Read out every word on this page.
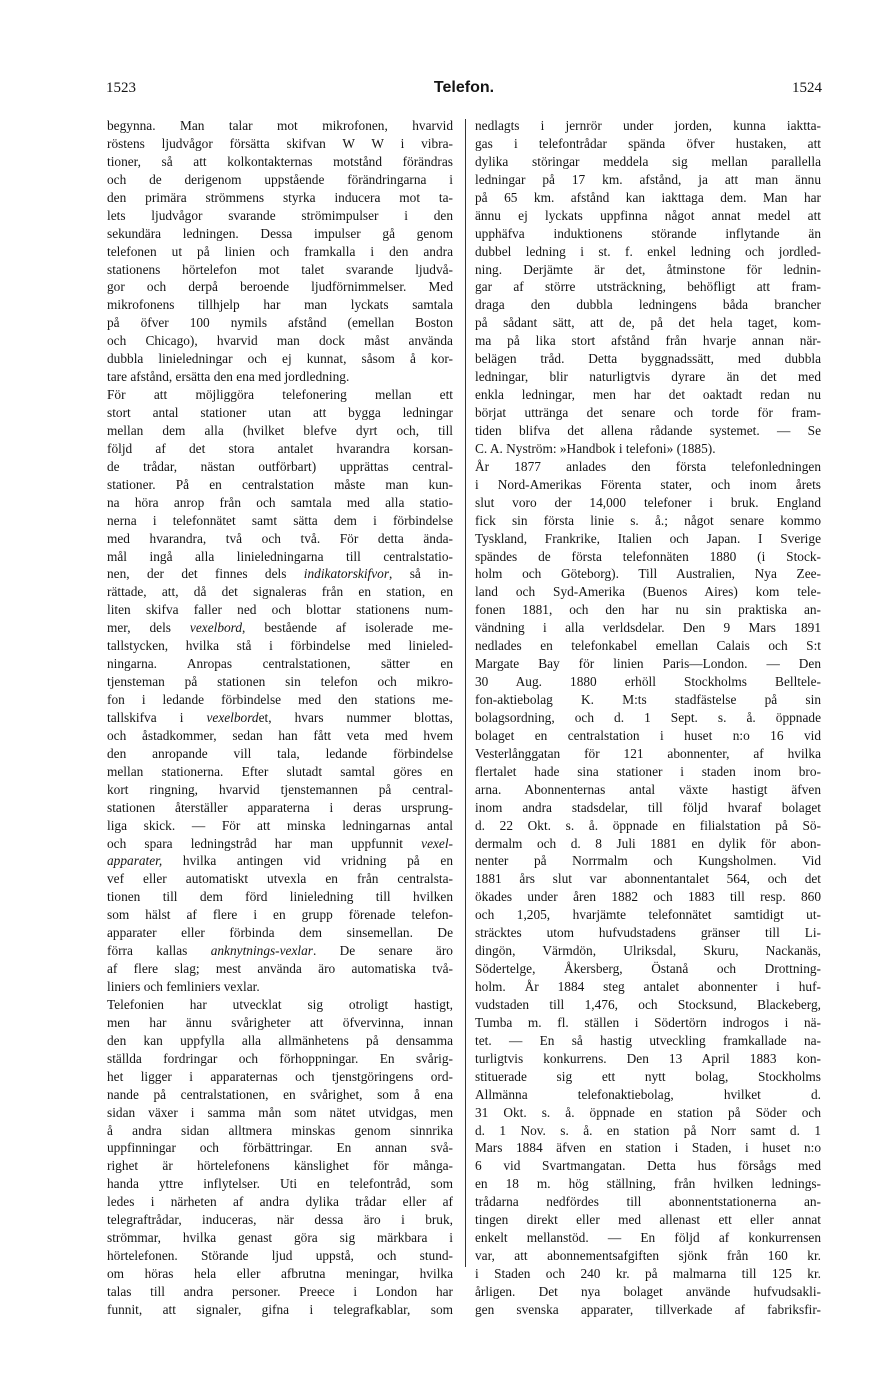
1523	Telefon.	1524
begynna. Man talar mot mikrofonen, hvarvid
röstens ljudvågor försätta skifvan W W i vibra-
tioner, så att kolkontakternas motstånd förändras
och de derigenom uppstående förändringarna i
den primära strömmens styrka inducera mot ta-
lets ljudvågor svarande strömimpulser i den
sekundära ledningen. Dessa impulser gå genom
telefonen ut på linien och framkalla i den andra
stationens hörtelefon mot talet svarande ljudvå-
gor och derpå beroende ljudförnimmelser. Med
mikrofonens tillhjelp har man lyckats samtala
på öfver 100 nymils afstånd (emellan Boston
och Chicago), hvarvid man dock måst använda
dubbla linieledningar och ej kunnat, såsom å kor-
tare afstånd, ersätta den ena med jordledning.
För att möjliggöra telefonering mellan ett
stort antal stationer utan att bygga ledningar
mellan dem alla (hvilket blefve dyrt och, till
följd af det stora antalet hvarandra korsan-
de trådar, nästan outförbart) upprättas central-
stationer. På en centralstation måste man kun-
na höra anrop från och samtala med alla statio-
nerna i telefonnätet samt sätta dem i förbindelse
med hvarandra, två och två. För detta ända-
mål ingå alla linieledningarna till centralstatio-
nen, der det finnes dels indikatorskifvor, så in-
rättade, att, då det signaleras från en station, en
liten skifva faller ned och blottar stationens num-
mer, dels vexelbord, bestående af isolerade me-
tallstycken, hvilka stå i förbindelse med linieled-
ningarna. Anropas centralstationen, sätter en
tjensteman på stationen sin telefon och mikro-
fon i ledande förbindelse med den stations me-
tallskifva i vexelbordet, hvars nummer blottas,
och åstadkommer, sedan han fått veta med hvem
den anropande vill tala, ledande förbindelse
mellan stationerna. Efter slutadt samtal göres en
kort ringning, hvarvid tjenstemannen på central-
stationen återställer apparaterna i deras ursprung-
liga skick. — För att minska ledningarnas antal
och spara ledningstråd har man uppfunnit vexel-
apparater, hvilka antingen vid vridning på en
vef eller automatiskt utvexla en från centralsta-
tionen till dem förd linieledning till hvilken
som hälst af flere i en grupp förenade telefon-
apparater eller förbinda dem sinsemellan. De
förra kallas anknytnings-vexlar. De senare äro
af flere slag; mest använda äro automatiska två-
liniers och femliniers vexlar.
Telefonien har utvecklat sig otroligt hastigt,
men har ännu svårigheter att öfvervinna, innan
den kan uppfylla alla allmänhetens på densamma
ställda fordringar och förhoppningar. En svårig-
het ligger i apparaternas och tjenstgöringens ord-
nande på centralstationen, en svårighet, som å ena
sidan växer i samma mån som nätet utvidgas, men
å andra sidan alltmera minskas genom sinnrika
uppfinningar och förbättringar. En annan svå-
righet är hörtelefonens känslighet för många-
handa yttre inflytelser. Uti en telefontråd, som
ledes i närheten af andra dylika trådar eller af
telegraftrådar, induceras, när dessa äro i bruk,
strömmar, hvilka genast göra sig märkbara i
hörtelefonen. Störande ljud uppstå, och stund-
om höras hela eller afbrutna meningar, hvilka
talas till andra personer. Preece i London har
funnit, att signaler, gifna i telegrafkablar, som
nedlagts i jernrör under jorden, kunna iaktta-
gas i telefontrådar spända öfver hustaken, att
dylika störingar meddela sig mellan parallella
ledningar på 17 km. afstånd, ja att man ännu
på 65 km. afstånd kan iakttaga dem. Man har
ännu ej lyckats uppfinna något annat medel att
upphäfva induktionens störande inflytande än
dubbel ledning i st. f. enkel ledning och jordled-
ning. Derjämte är det, åtminstone för lednin-
gar af större utsträckning, behöfligt att fram-
draga den dubbla ledningens båda brancher
på sådant sätt, att de, på det hela taget, kom-
ma på lika stort afstånd från hvarje annan när-
belägen tråd. Detta byggnadssätt, med dubbla
ledningar, blir naturligtvis dyrare än det med
enkla ledningar, men har det oaktadt redan nu
börjat uttränga det senare och torde för fram-
tiden blifva det allena rådande systemet. — Se
C. A. Nyström: »Handbok i telefoni» (1885).
År 1877 anlades den första telefonledningen
i Nord-Amerikas Förenta stater, och inom årets
slut voro der 14,000 telefoner i bruk. England
fick sin första linie s. å.; något senare kommo
Tyskland, Frankrike, Italien och Japan. I Sverige
spändes de första telefonnäten 1880 (i Stock-
holm och Göteborg). Till Australien, Nya Zee-
land och Syd-Amerika (Buenos Aires) kom tele-
fonen 1881, och den har nu sin praktiska an-
vändning i alla verldsdelar. Den 9 Mars 1891
nedlades en telefonkabel emellan Calais och S:t
Margate Bay för linien Paris—London. — Den
30 Aug. 1880 erhöll Stockholms Belltele-
fon-aktiebolag K. M:ts stadfästelse på sin
bolagsordning, och d. 1 Sept. s. å. öppnade
bolaget en centralstation i huset n:o 16 vid
Vesterlånggatan för 121 abonnenter, af hvilka
flertalet hade sina stationer i staden inom bro-
arna. Abonnenternas antal växte hastigt äfven
inom andra stadsdelar, till följd hvaraf bolaget
d. 22 Okt. s. å. öppnade en filialstation på Sö-
dermalm och d. 8 Juli 1881 en dylik för abon-
nenter på Norrmalm och Kungsholmen. Vid
1881 års slut var abonnentantalet 564, och det
ökades under åren 1882 och 1883 till resp. 860
och 1,205, hvarjämte telefonnätet samtidigt ut-
sträcktes utom hufvudstadens gränser till Li-
dingön, Värmdön, Ulriksdal, Skuru, Nackanäs,
Södertelge, Åkersberg, Östanå och Drottning-
holm. År 1884 steg antalet abonnenter i huf-
vudstaden till 1,476, och Stocksund, Blackeberg,
Tumba m. fl. ställen i Södertörn indrogos i nä-
tet. — En så hastig utveckling framkallade na-
turligtvis konkurrens. Den 13 April 1883 kon-
stituerade sig ett nytt bolag, Stockholms
Allmänna telefonaktiebolag, hvilket d.
31 Okt. s. å. öppnade en station på Söder och
d. 1 Nov. s. å. en station på Norr samt d. 1
Mars 1884 äfven en station i Staden, i huset n:o
6 vid Svartmangatan. Detta hus försågs med
en 18 m. hög ställning, från hvilken lednings-
trådarna nedfördes till abonnentstationerna an-
tingen direkt eller med allenast ett eller annat
enkelt mellanstöd. — En följd af konkurrensen
var, att abonnementsafgiften sjönk från 160 kr.
i Staden och 240 kr. på malmarna till 125 kr.
årligen. Det nya bolaget använde hufvudsakli-
gen svenska apparater, tillverkade af fabriksfir-
